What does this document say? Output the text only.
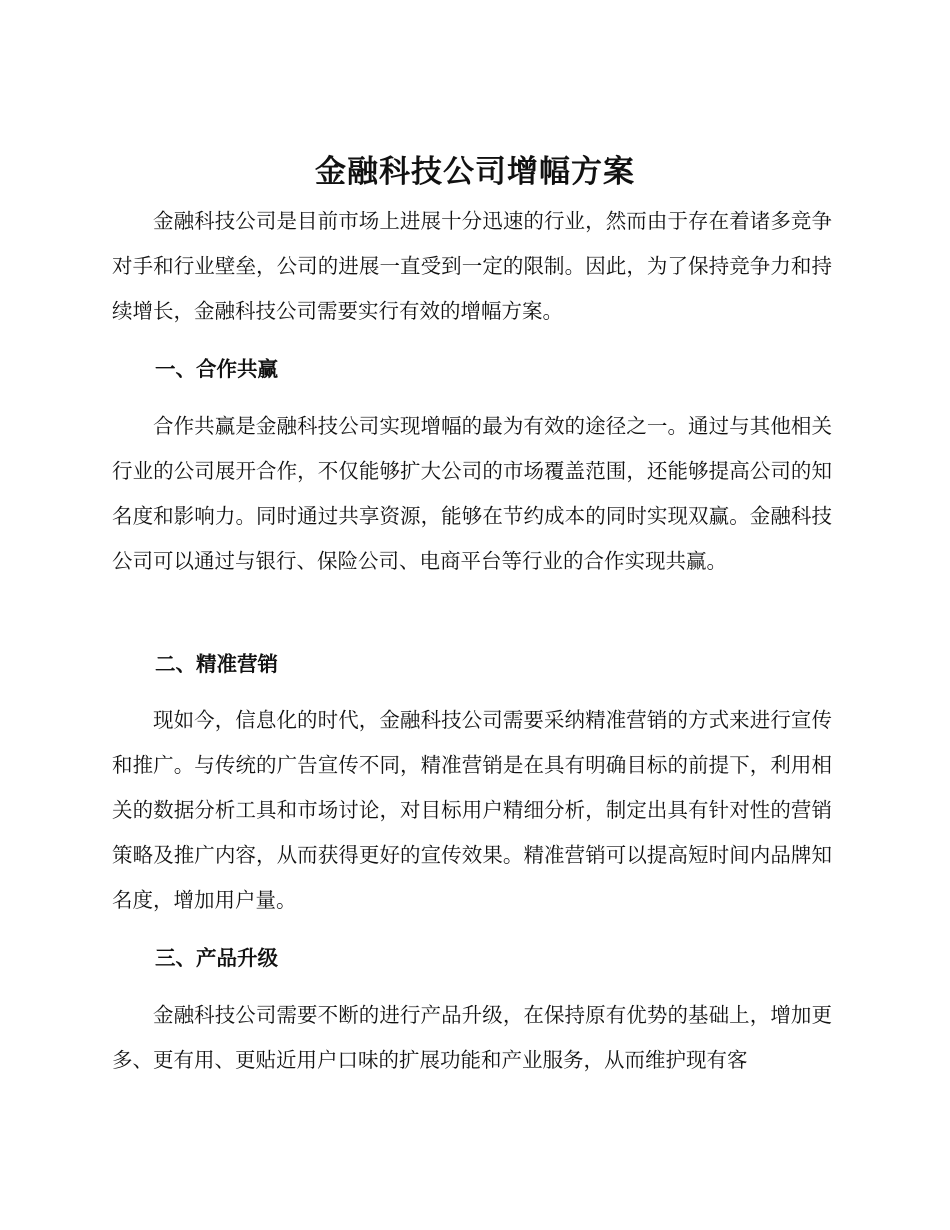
金融科技公司增幅方案

金融科技公司是目前市场上进展十分迅速的行业，然而由于存在着诸多竞争对手和行业壁垒，公司的进展一直受到一定的限制。因此，为了保持竞争力和持续增长，金融科技公司需要实行有效的增幅方案。

一、合作共赢

合作共赢是金融科技公司实现增幅的最为有效的途径之一。通过与其他相关行业的公司展开合作，不仅能够扩大公司的市场覆盖范围，还能够提高公司的知名度和影响力。同时通过共享资源，能够在节约成本的同时实现双赢。金融科技公司可以通过与银行、保险公司、电商平台等行业的合作实现共赢。

二、精准营销

现如今，信息化的时代，金融科技公司需要采纳精准营销的方式来进行宣传和推广。与传统的广告宣传不同，精准营销是在具有明确目标的前提下，利用相关的数据分析工具和市场讨论，对目标用户精细分析，制定出具有针对性的营销策略及推广内容，从而获得更好的宣传效果。精准营销可以提高短时间内品牌知名度，增加用户量。

三、产品升级

金融科技公司需要不断的进行产品升级，在保持原有优势的基础上，增加更多、更有用、更贴近用户口味的扩展功能和产业服务，从而维护现有客
